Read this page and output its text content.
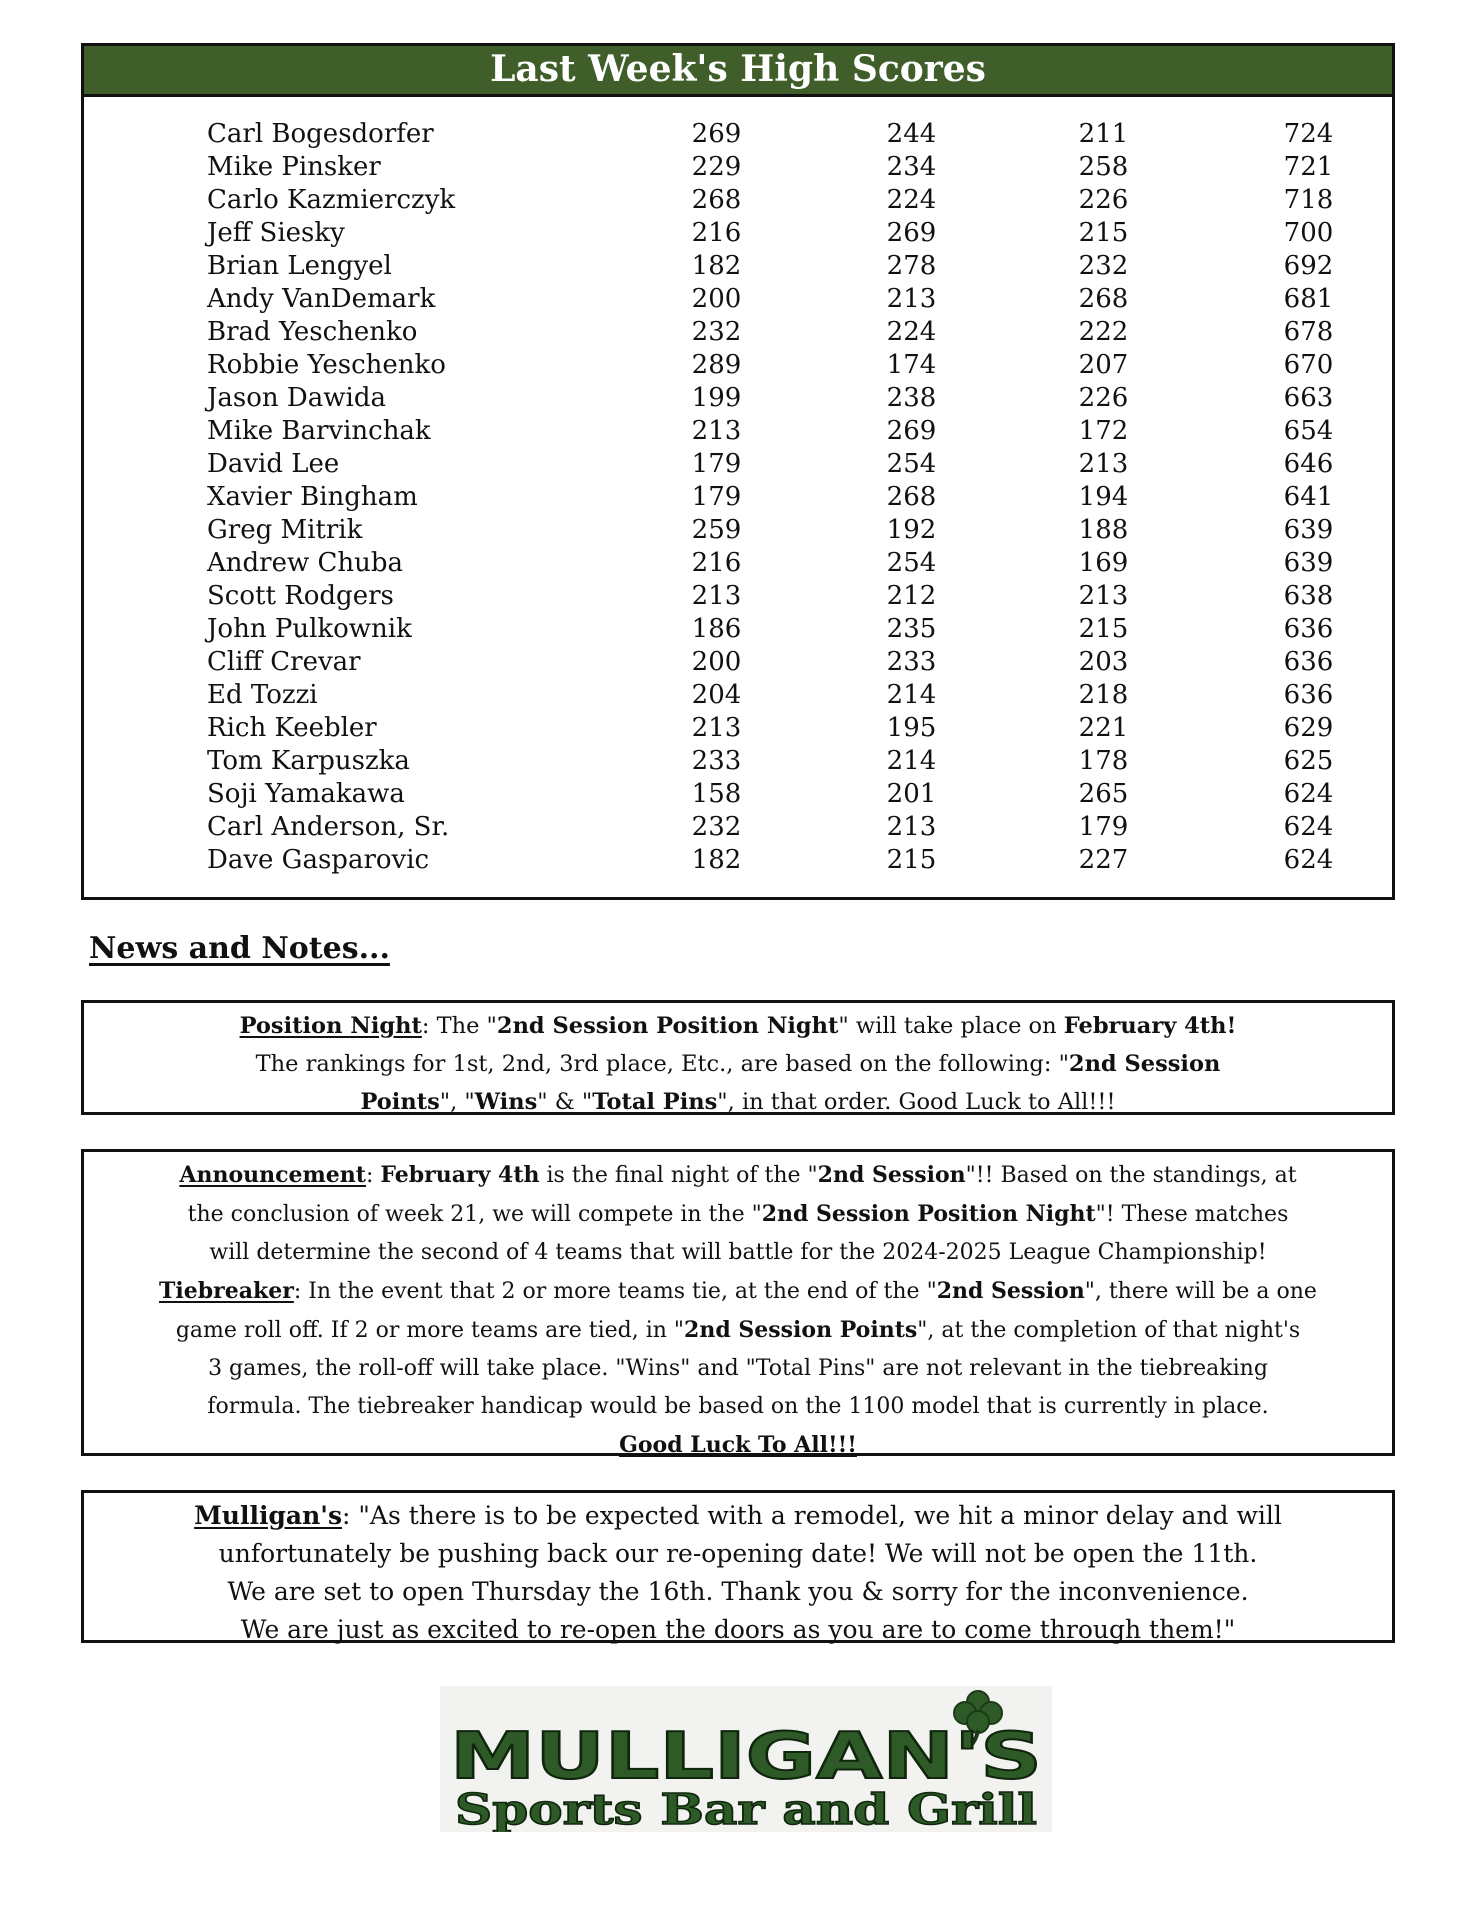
Last Week's High Scores
Carl Bogesdorfer	269	244	211	724
Mike Pinsker	229	234	258	721
Carlo Kazmierczyk	268	224	226	718
Jeff Siesky	216	269	215	700
Brian Lengyel	182	278	232	692
Andy VanDemark	200	213	268	681
Brad Yeschenko	232	224	222	678
Robbie Yeschenko	289	174	207	670
Jason Dawida	199	238	226	663
Mike Barvinchak	213	269	172	654
David Lee	179	254	213	646
Xavier Bingham	179	268	194	641
Greg Mitrik	259	192	188	639
Andrew Chuba	216	254	169	639
Scott Rodgers	213	212	213	638
John Pulkownik	186	235	215	636
Cliff Crevar	200	233	203	636
Ed Tozzi	204	214	218	636
Rich Keebler	213	195	221	629
Tom Karpuszka	233	214	178	625
Soji Yamakawa	158	201	265	624
Carl Anderson, Sr.	232	213	179	624
Dave Gasparovic	182	215	227	624
News and Notes...

Position Night: The "2nd Session Position Night" will take place on February 4th!

The rankings for 1st, 2nd, 3rd place, Etc., are based on the following: "2nd Session

Points", "Wins" & "Total Pins", in that order. Good Luck to All!!!

Announcement: February 4th is the final night of the "2nd Session"!! Based on the standings, at

the conclusion of week 21, we will compete in the "2nd Session Position Night"! These matches

will determine the second of 4 teams that will battle for the 2024-2025 League Championship!

Tiebreaker: In the event that 2 or more teams tie, at the end of the "2nd Session", there will be a one

game roll off. If 2 or more teams are tied, in "2nd Session Points", at the completion of that night's

3 games, the roll-off will take place. "Wins" and "Total Pins" are not relevant in the tiebreaking

formula. The tiebreaker handicap would be based on the 1100 model that is currently in place.

Good Luck To All!!!

Mulligan's: "As there is to be expected with a remodel, we hit a minor delay and will

unfortunately be pushing back our re-opening date! We will not be open the 11th.

We are set to open Thursday the 16th. Thank you & sorry for the inconvenience.

We are just as excited to re-open the doors as you are to come through them!"

MULLIGAN'S
Sports Bar and Grill
